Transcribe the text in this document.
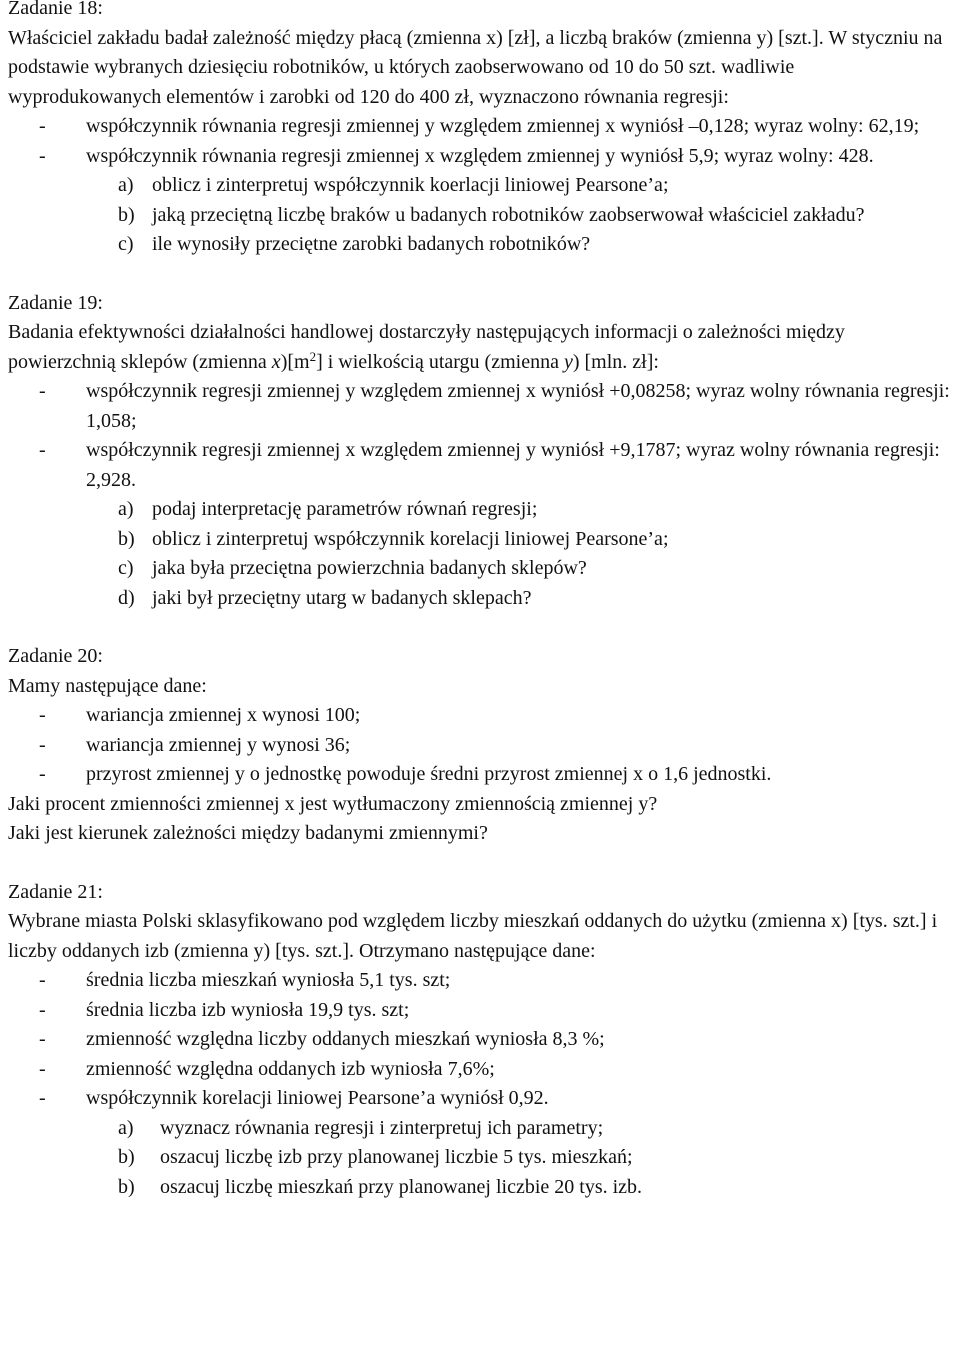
Zadanie 18:

Właściciel zakładu badał zależność między płacą (zmienna x) [zł], a liczbą braków (zmienna y) [szt.]. W styczniu na podstawie wybranych dziesięciu robotników, u których zaobserwowano od 10 do 50 szt. wadliwie wyprodukowanych elementów i zarobki od 120 do 400 zł, wyznaczono równania regresji:

- współczynnik równania regresji zmiennej y względem zmiennej x wyniósł –0,128; wyraz wolny: 62,19;

- współczynnik równania regresji zmiennej x względem zmiennej y wyniósł 5,9; wyraz wolny: 428.

a) oblicz i zinterpretuj współczynnik koerlacji liniowej Pearsone’a;

b) jaką przeciętną liczbę braków u badanych robotników zaobserwował właściciel zakładu?

c) ile wynosiły przeciętne zarobki badanych robotników?

Zadanie 19:

Badania efektywności działalności handlowej dostarczyły następujących informacji o zależności między powierzchnią sklepów (zmienna $x)[m^2]$ i wielkością utargu (zmienna y) [mln. zł]:

- współczynnik regresji zmiennej y względem zmiennej x wyniósł +0,08258; wyraz wolny równania regresji: 1,058;

- współczynnik regresji zmiennej x względem zmiennej y wyniósł +9,1787; wyraz wolny równania regresji: 2,928.

a) podaj interpretację parametrów równań regresji;

b) oblicz i zinterpretuj współczynnik korelacji liniowej Pearsone’a;

c) jaka była przeciętna powierzchnia badanych sklepów?

d) jaki był przeciętny utarg w badanych sklepach?

Zadanie 20:

Mamy następujące dane:

- wariancja zmiennej x wynosi 100;

- wariancja zmiennej y wynosi 36;

- przyrost zmiennej y o jednostkę powoduje średni przyrost zmiennej x o 1,6 jednostki.

Jaki procent zmienności zmiennej x jest wytłumaczony zmiennością zmiennej y?

Jaki jest kierunek zależności między badanymi zmiennymi?

Zadanie 21:

Wybrane miasta Polski sklasyfikowano pod względem liczby mieszkań oddanych do użytku (zmienna x) [tys. szt.] i liczby oddanych izb (zmienna y) [tys. szt.]. Otrzymano następujące dane:

- średnia liczba mieszkań wyniosła 5,1 tys. szt;

- średnia liczba izb wyniosła 19,9 tys. szt;

- zmienność względna liczby oddanych mieszkań wyniosła 8,3 %;

- zmienność względna oddanych izb wyniosła 7,6%;

- współczynnik korelacji liniowej Pearsone’a wyniósł 0,92.

a) wyznacz równania regresji i zinterpretuj ich parametry;

b) oszacuj liczbę izb przy planowanej liczbie 5 tys. mieszkań;

b) oszacuj liczbę mieszkań przy planowanej liczbie 20 tys. izb.
